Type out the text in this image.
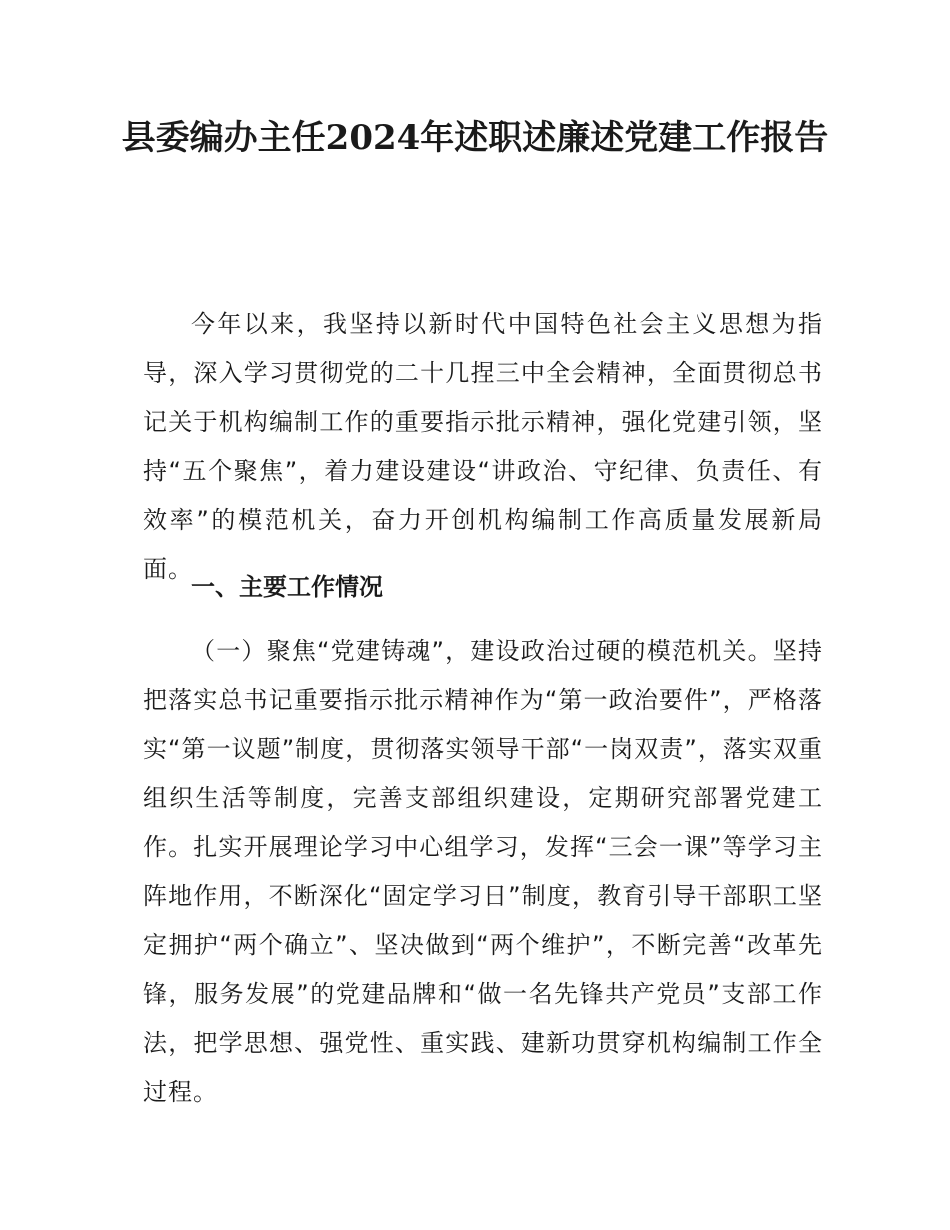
县委编办主任2024年述职述廉述党建工作报告

今年以来，我坚持以新时代中国特色社会主义思想为指导，深入学习贯彻党的二十几捏三中全会精神，全面贯彻总书记关于机构编制工作的重要指示批示精神，强化党建引领，坚持“五个聚焦”，着力建设建设“讲政治、守纪律、负责任、有效率”的模范机关，奋力开创机构编制工作高质量发展新局面。

一、主要工作情况

（一）聚焦“党建铸魂”，建设政治过硬的模范机关。坚持把落实总书记重要指示批示精神作为“第一政治要件”，严格落实“第一议题”制度，贯彻落实领导干部“一岗双责”，落实双重组织生活等制度，完善支部组织建设，定期研究部署党建工作。扎实开展理论学习中心组学习，发挥“三会一课”等学习主阵地作用，不断深化“固定学习日”制度，教育引导干部职工坚定拥护“两个确立”、坚决做到“两个维护”，不断完善“改革先锋，服务发展”的党建品牌和“做一名先锋共产党员”支部工作法，把学思想、强党性、重实践、建新功贯穿机构编制工作全过程。
